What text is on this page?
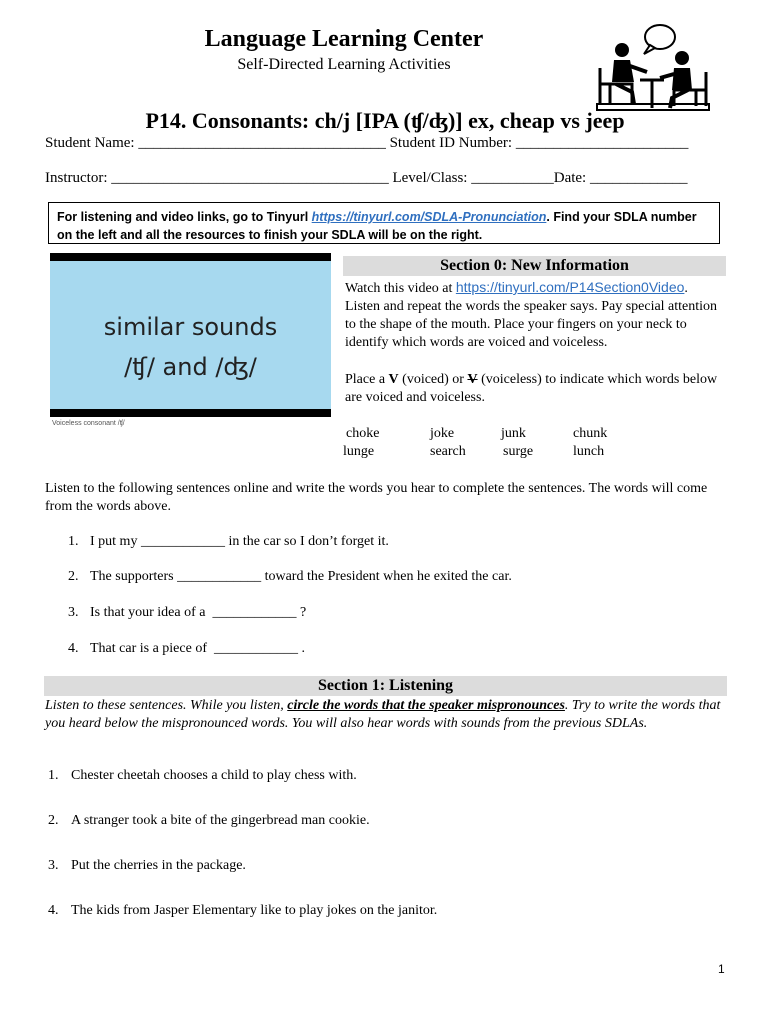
Language Learning Center
Self-Directed Learning Activities
P14. Consonants: ch/j [IPA (ʧ/ʤ)] ex, cheap vs jeep
Student Name: _________________________________ Student ID Number: _______________________
Instructor: _____________________________________ Level/Class: ___________Date: _____________
For listening and video links, go to Tinyurl https://tinyurl.com/SDLA-Pronunciation. Find your SDLA number on the left and all the resources to finish your SDLA will be on the right.
similar sounds
/ʧ/ and /ʤ/
Voiceless consonant /ʧ/
Section 0: New Information
Watch this video at https://tinyurl.com/P14Section0Video. Listen and repeat the words the speaker says. Pay special attention to the shape of the mouth. Place your fingers on your neck to identify which words are voiced and voiceless.
Place a V (voiced) or V (voiceless) to indicate which words below are voiced and voiceless.
choke	joke	junk	chunk
lunge	search	surge	lunch
Listen to the following sentences online and write the words you hear to complete the sentences. The words will come from the words above.
1. I put my ____________ in the car so I don’t forget it.
2. The supporters ____________ toward the President when he exited the car.
3. Is that your idea of a  ____________ ?
4. That car is a piece of  ____________ .
Section 1: Listening
Listen to these sentences. While you listen, circle the words that the speaker mispronounces. Try to write the words that you heard below the mispronounced words. You will also hear words with sounds from the previous SDLAs.
1. Chester cheetah chooses a child to play chess with.
2. A stranger took a bite of the gingerbread man cookie.
3. Put the cherries in the package.
4. The kids from Jasper Elementary like to play jokes on the janitor.
1
